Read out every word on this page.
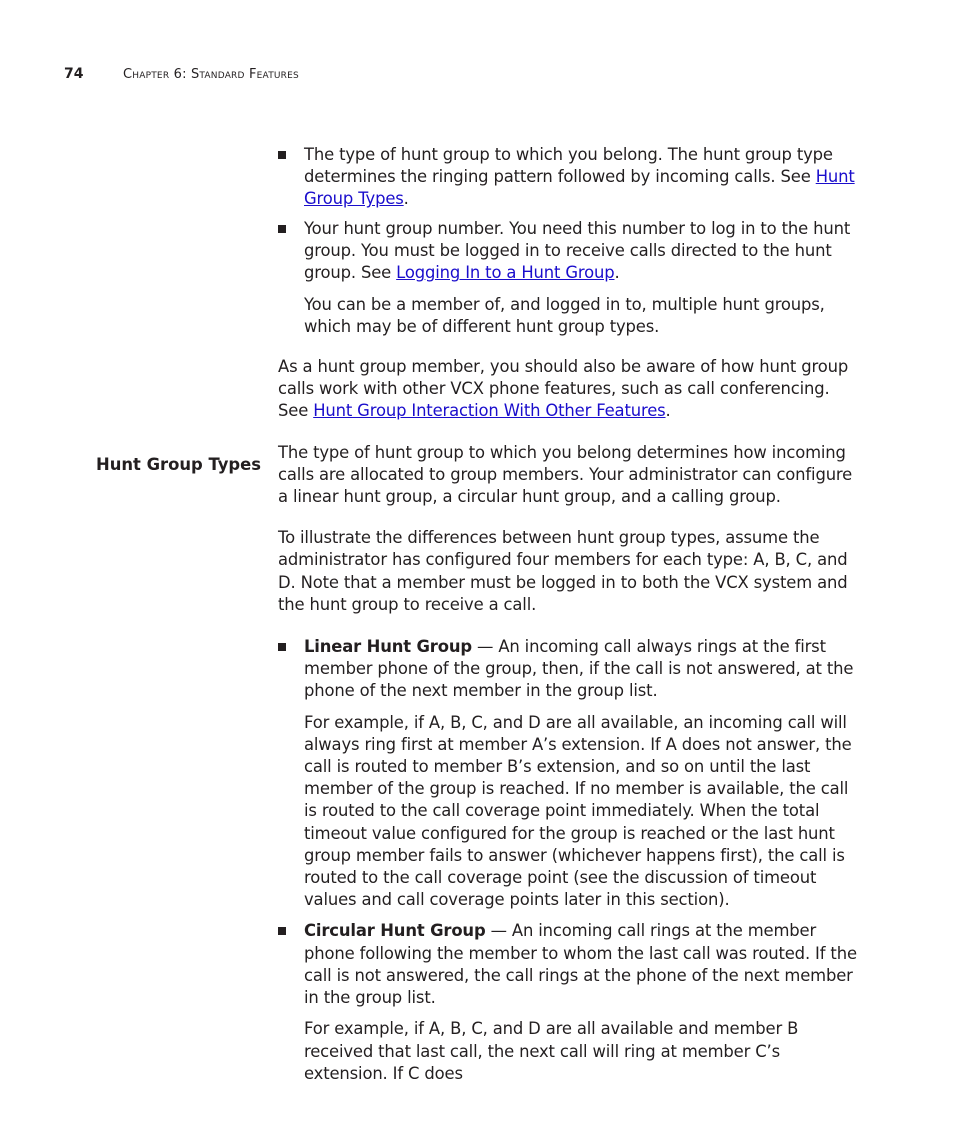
74	Chapter 6: Standard Features

The type of hunt group to which you belong. The hunt group type determines the ringing pattern followed by incoming calls. See Hunt Group Types.

Your hunt group number. You need this number to log in to the hunt group. You must be logged in to receive calls directed to the hunt group. See Logging In to a Hunt Group.

You can be a member of, and logged in to, multiple hunt groups, which may be of different hunt group types.

As a hunt group member, you should also be aware of how hunt group calls work with other VCX phone features, such as call conferencing. See Hunt Group Interaction With Other Features.

The type of hunt group to which you belong determines how incoming calls are allocated to group members. Your administrator can configure a linear hunt group, a circular hunt group, and a calling group.

To illustrate the differences between hunt group types, assume the administrator has configured four members for each type: A, B, C, and D. Note that a member must be logged in to both the VCX system and the hunt group to receive a call.

Linear Hunt Group — An incoming call always rings at the first member phone of the group, then, if the call is not answered, at the phone of the next member in the group list.

For example, if A, B, C, and D are all available, an incoming call will always ring first at member A’s extension. If A does not answer, the call is routed to member B’s extension, and so on until the last member of the group is reached. If no member is available, the call is routed to the call coverage point immediately. When the total timeout value configured for the group is reached or the last hunt group member fails to answer (whichever happens first), the call is routed to the call coverage point (see the discussion of timeout values and call coverage points later in this section).

Circular Hunt Group — An incoming call rings at the member phone following the member to whom the last call was routed. If the call is not answered, the call rings at the phone of the next member in the group list.

For example, if A, B, C, and D are all available and member B received that last call, the next call will ring at member C’s extension. If C does

Hunt Group Types
